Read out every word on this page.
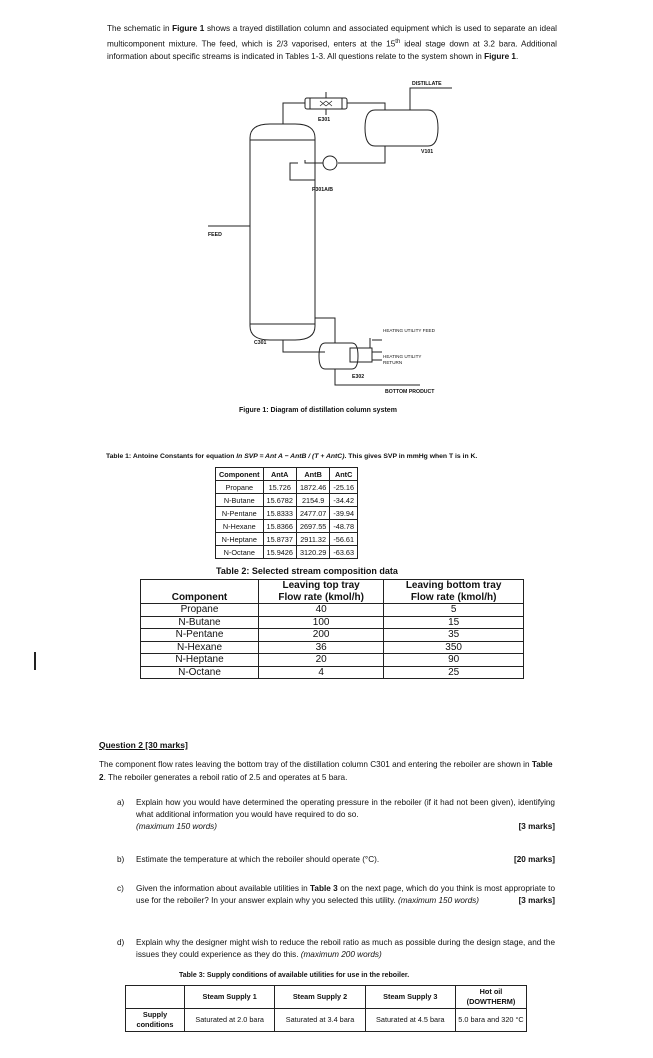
The schematic in Figure 1 shows a trayed distillation column and associated equipment which is used to separate an ideal multicomponent mixture. The feed, which is 2/3 vaporised, enters at the 15th ideal stage down at 3.2 bara. Additional information about specific streams is indicated in Tables 1-3. All questions relate to the system shown in Figure 1.
DISTILLATE
E301
V101
P301A/B
FEED
C301
E302
BOTTOM PRODUCT
HEATING UTILITY FEED
HEATING UTILITY RETURN
Figure 1: Diagram of distillation column system
Table 1: Antoine Constants for equation ln SVP = Ant A − AntB / (T + AntC). This gives SVP in mmHg when T is in K.
Component	AntA	AntB	AntC
Propane	15.726	1872.46	-25.16
N-Butane	15.6782	2154.9	-34.42
N-Pentane	15.8333	2477.07	-39.94
N-Hexane	15.8366	2697.55	-48.78
N-Heptane	15.8737	2911.32	-56.61
N-Octane	15.9426	3120.29	-63.63
Table 2: Selected stream composition data
	Leaving top tray	Leaving bottom tray
Component	Flow rate (kmol/h)	Flow rate (kmol/h)
Propane	40	5
N-Butane	100	15
N-Pentane	200	35
N-Hexane	36	350
N-Heptane	20	90
N-Octane	4	25
Question 2 [30 marks]
The component flow rates leaving the bottom tray of the distillation column C301 and entering the reboiler are shown in Table 2. The reboiler generates a reboil ratio of 2.5 and operates at 5 bara.
a) Explain how you would have determined the operating pressure in the reboiler (if it had not been given), identifying what additional information you would have required to do so.
(maximum 150 words)	[3 marks]
b) Estimate the temperature at which the reboiler should operate (°C).	[20 marks]
c) Given the information about available utilities in Table 3 on the next page, which do you think is most appropriate to use for the reboiler? In your answer explain why you selected this utility. (maximum 150 words)	[3 marks]
d) Explain why the designer might wish to reduce the reboil ratio as much as possible during the design stage, and the issues they could experience as they do this. (maximum 200 words)
Table 3: Supply conditions of available utilities for use in the reboiler.
	Steam Supply 1	Steam Supply 2	Steam Supply 3	Hot oil (DOWTHERM)
Supply conditions	Saturated at 2.0 bara	Saturated at 3.4 bara	Saturated at 4.5 bara	5.0 bara and 320 °C
